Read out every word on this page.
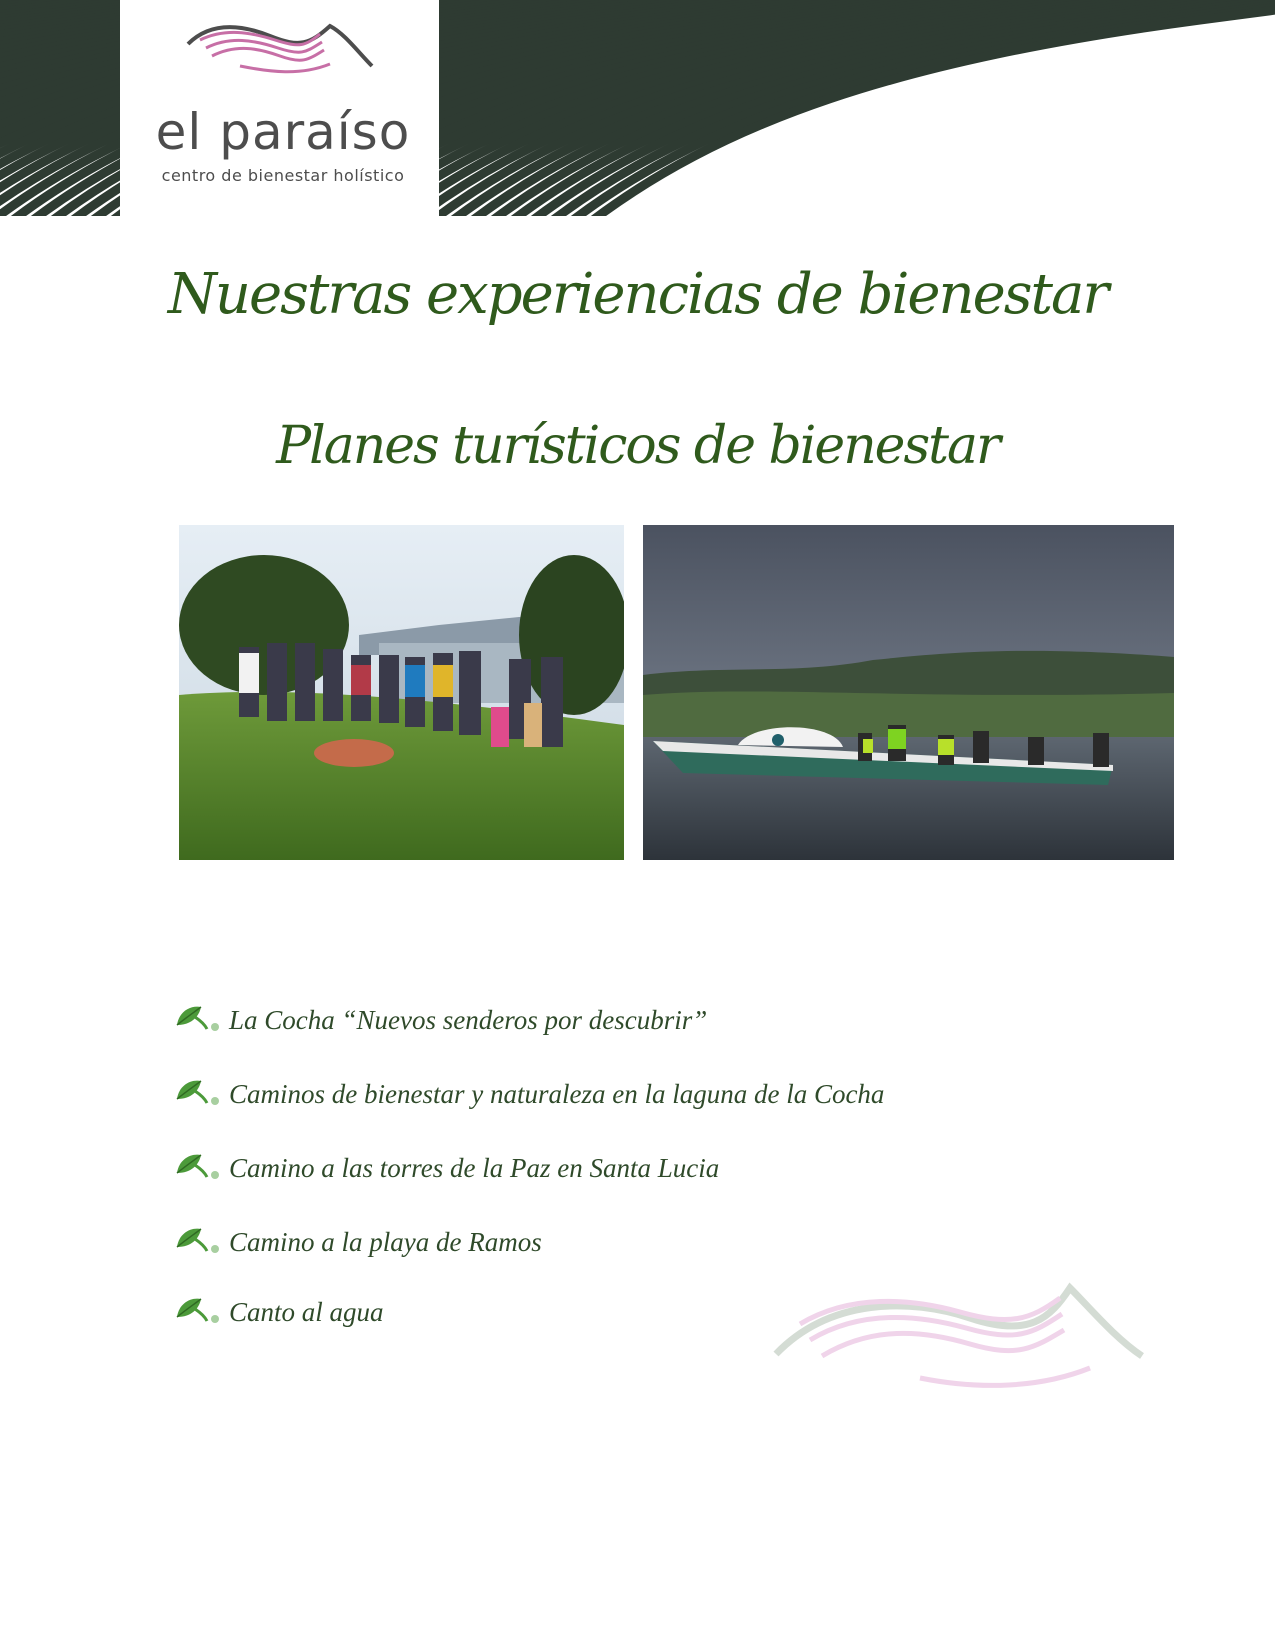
el paraíso
centro de bienestar holístico
Nuestras experiencias de bienestar
Planes turísticos de bienestar
La Cocha “Nuevos senderos por descubrir”
Caminos de bienestar y naturaleza en la laguna de la Cocha
Camino a las torres de la Paz en Santa Lucia
Camino a la playa de Ramos
Canto al agua
